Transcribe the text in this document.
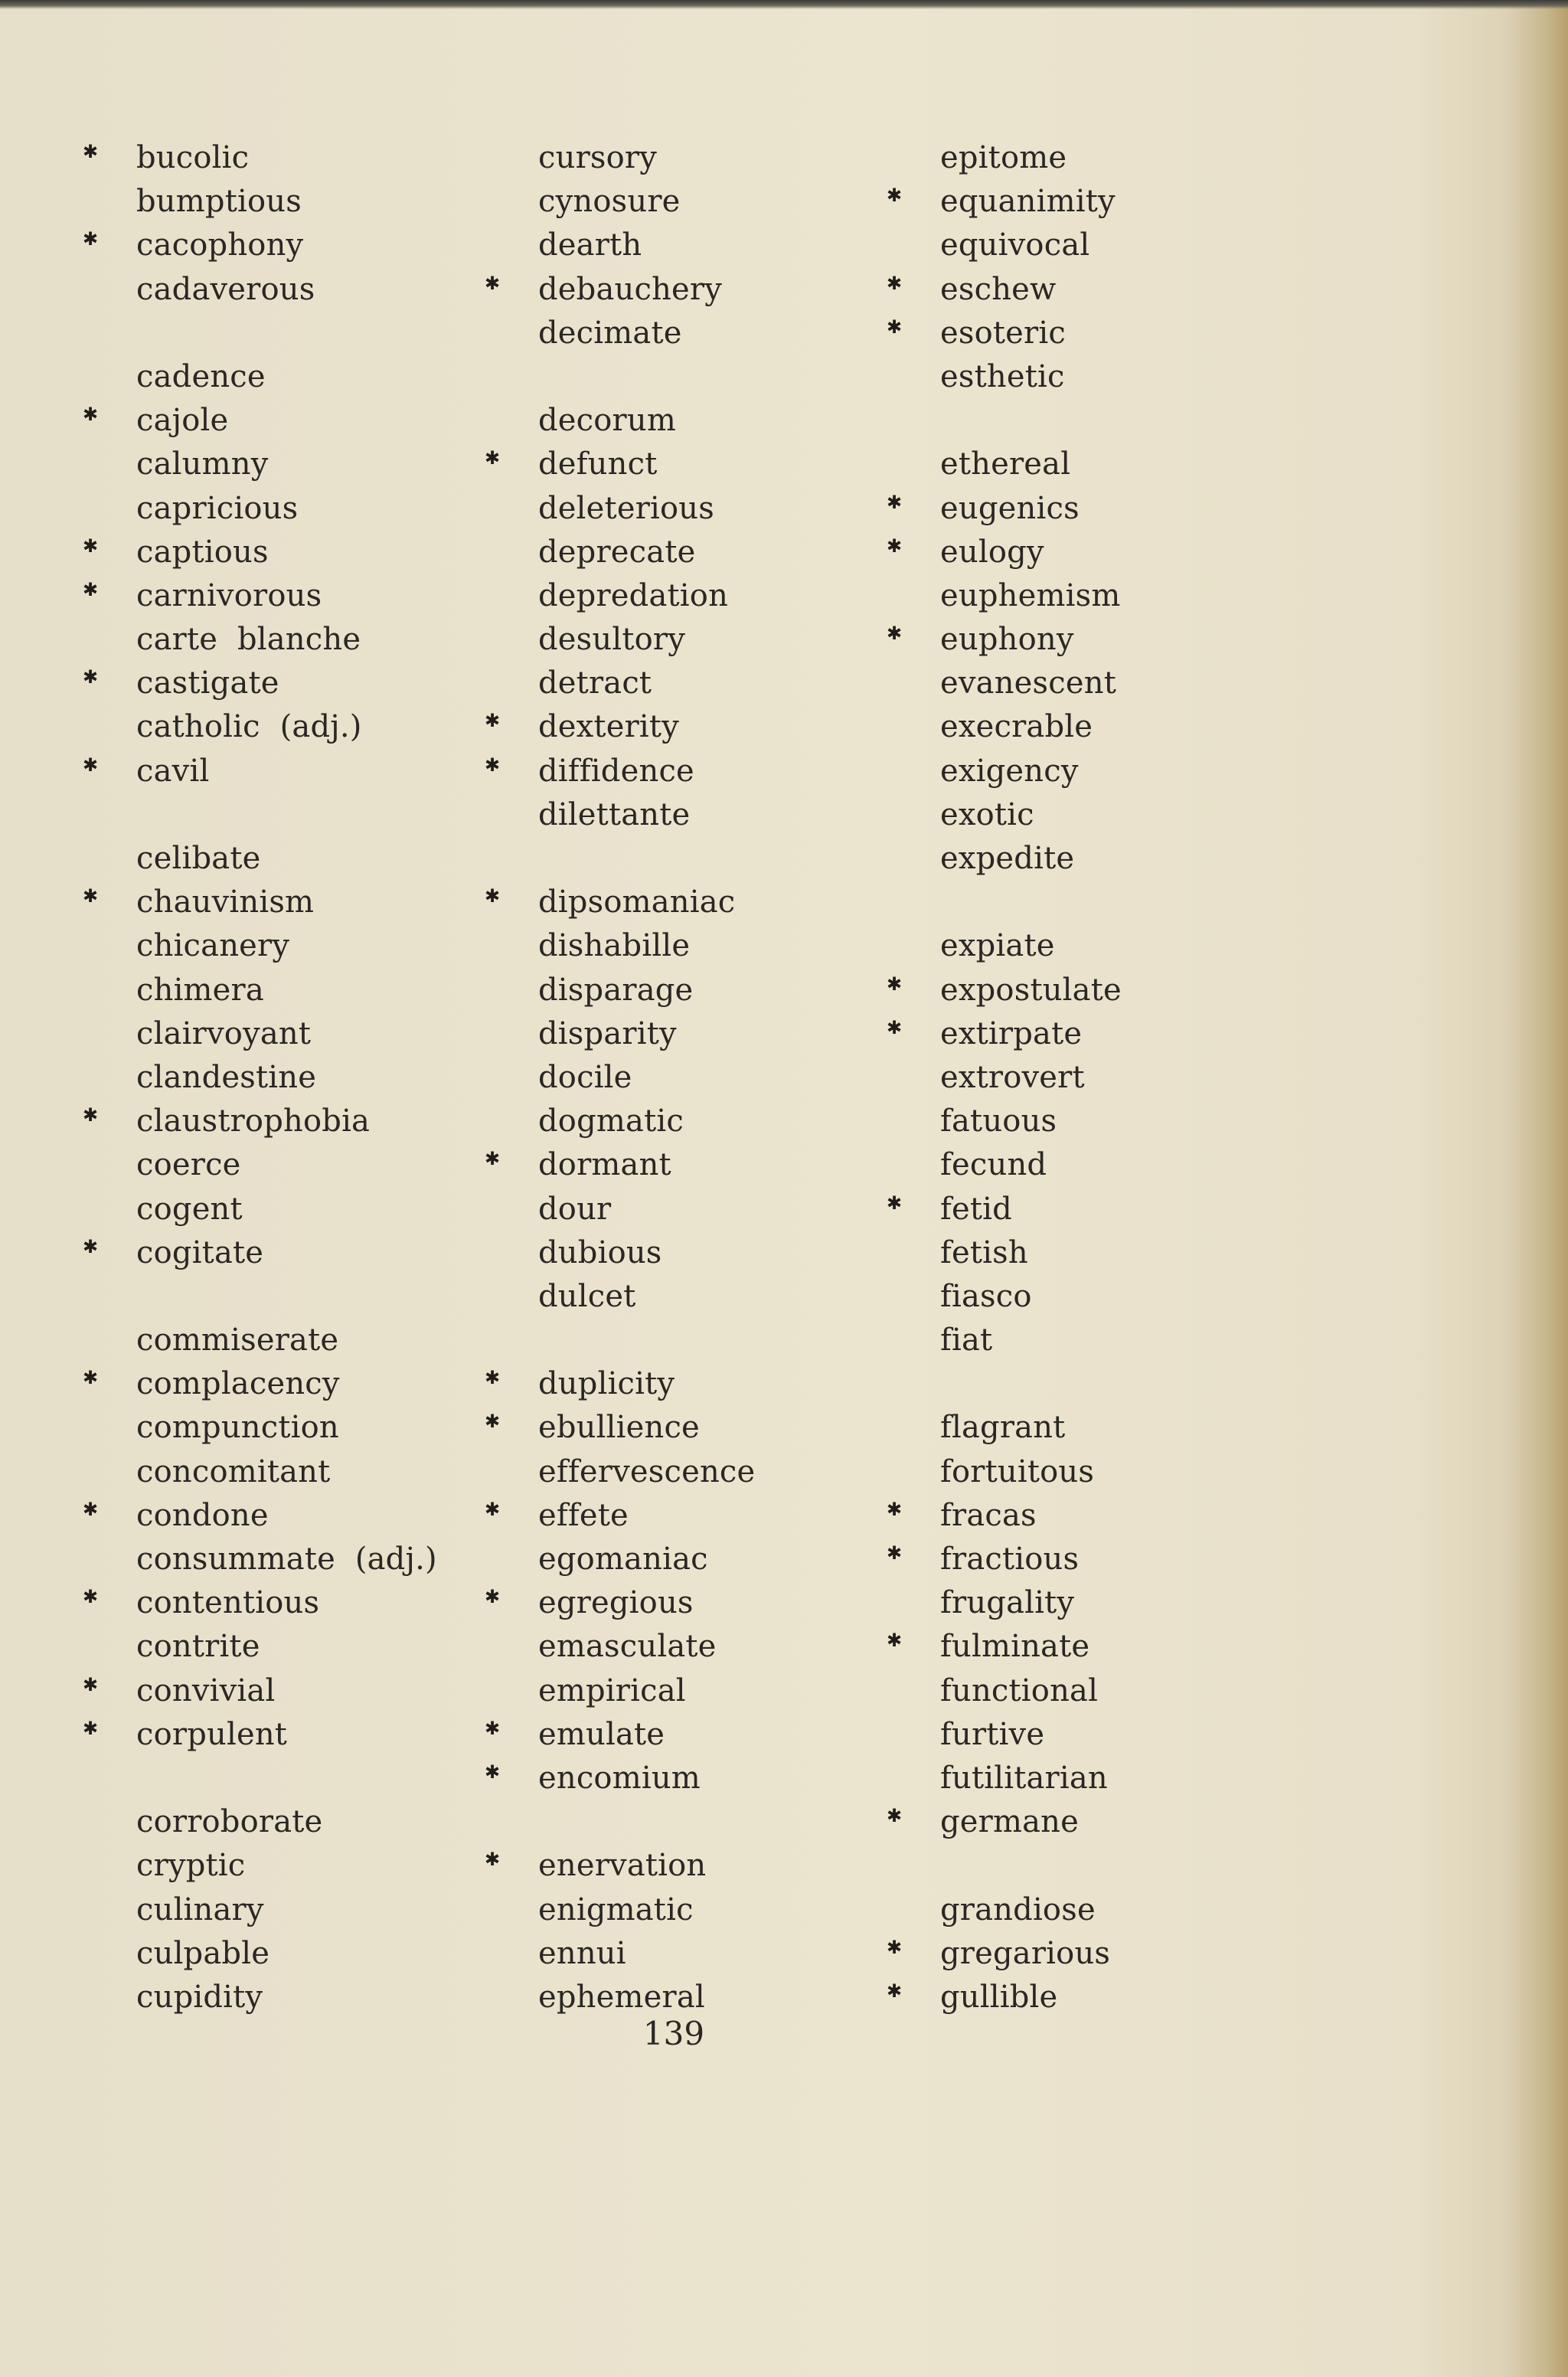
✱ bucolic
bumptious
✱ cacophony
cadaverous
cadence
✱ cajole
calumny
capricious
✱ captious
✱ carnivorous
carte  blanche
✱ castigate
catholic  (adj.)
✱ cavil
celibate
✱ chauvinism
chicanery
chimera
clairvoyant
clandestine
✱ claustrophobia
coerce
cogent
✱ cogitate
commiserate
✱ complacency
compunction
concomitant
✱ condone
consummate  (adj.)
✱ contentious
contrite
✱ convivial
✱ corpulent
corroborate
cryptic
culinary
culpable
cupidity
cursory
cynosure
dearth
✱ debauchery
decimate
decorum
✱ defunct
deleterious
deprecate
depredation
desultory
detract
✱ dexterity
✱ diffidence
dilettante
✱ dipsomaniac
dishabille
disparage
disparity
docile
dogmatic
✱ dormant
dour
dubious
dulcet
✱ duplicity
✱ ebullience
effervescence
✱ effete
egomaniac
✱ egregious
emasculate
empirical
✱ emulate
✱ encomium
✱ enervation
enigmatic
ennui
ephemeral
epitome
✱ equanimity
equivocal
✱ eschew
✱ esoteric
esthetic
ethereal
✱ eugenics
✱ eulogy
euphemism
✱ euphony
evanescent
execrable
exigency
exotic
expedite
expiate
✱ expostulate
✱ extirpate
extrovert
fatuous
fecund
✱ fetid
fetish
fiasco
fiat
flagrant
fortuitous
✱ fracas
✱ fractious
frugality
✱ fulminate
functional
furtive
futilitarian
✱ germane
grandiose
✱ gregarious
✱ gullible
139
